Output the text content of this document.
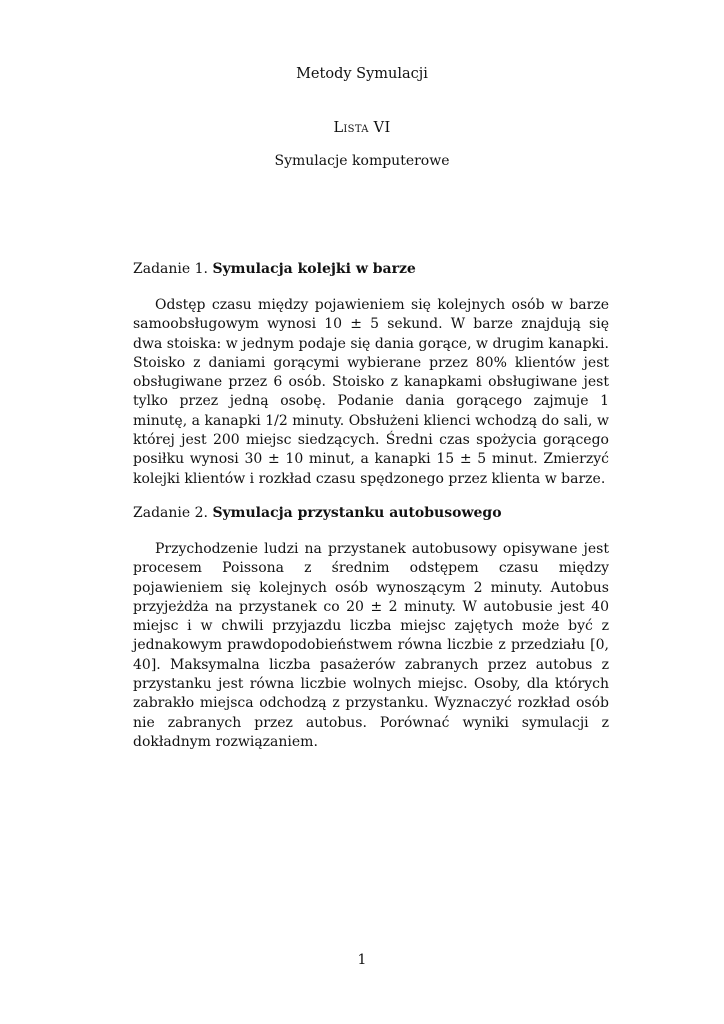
Metody Symulacji
Lista VI
Symulacje komputerowe

Zadanie 1. Symulacja kolejki w barze

Odstęp czasu między pojawieniem się kolejnych osób w barze samoobsługowym wynosi 10 ± 5 sekund. W barze znajdują się dwa stoiska: w jednym podaje się dania gorące, w drugim kanapki. Stoisko z daniami gorącymi wybierane przez 80% klientów jest obsługiwane przez 6 osób. Stoisko z kanapkami obsługiwane jest tylko przez jedną osobę. Podanie dania gorącego zajmuje 1 minutę, a kanapki 1/2 minuty. Obsłużeni klienci wchodzą do sali, w której jest 200 miejsc siedzących. Średni czas spożycia gorącego posiłku wynosi 30 ± 10 minut, a kanapki 15 ± 5 minut. Zmierzyć kolejki klientów i rozkład czasu spędzonego przez klienta w barze.

Zadanie 2. Symulacja przystanku autobusowego

Przychodzenie ludzi na przystanek autobusowy opisywane jest procesem Poissona z średnim odstępem czasu między pojawieniem się kolejnych osób wynoszącym 2 minuty. Autobus przyjeżdża na przystanek co 20 ± 2 minuty. W autobusie jest 40 miejsc i w chwili przyjazdu liczba miejsc zajętych może być z jednakowym prawdopodobieństwem równa liczbie z przedziału [0, 40]. Maksymalna liczba pasażerów zabranych przez autobus z przystanku jest równa liczbie wolnych miejsc. Osoby, dla których zabrakło miejsca odchodzą z przystanku. Wyznaczyć rozkład osób nie zabranych przez autobus. Porównać wyniki symulacji z dokładnym rozwiązaniem.

1
